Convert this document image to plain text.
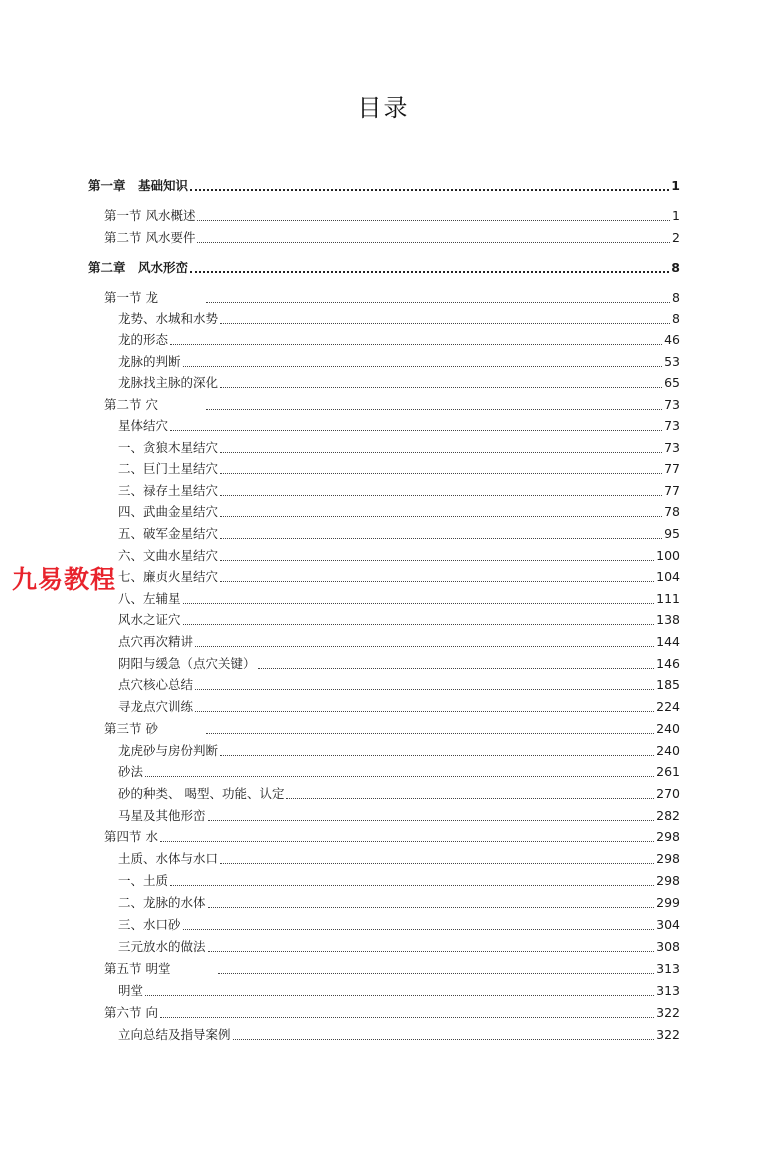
目录
第一章　基础知识	1
第一节 风水概述	1
第二节 风水要件	2
第二章　风水形峦	8
第一节 龙	8
龙势、水城和水势	8
龙的形态	46
龙脉的判断	53
龙脉找主脉的深化	65
第二节 穴	73
星体结穴	73
一、贪狼木星结穴	73
二、巨门土星结穴	77
三、禄存土星结穴	77
四、武曲金星结穴	78
五、破军金星结穴	95
六、文曲水星结穴	100
七、廉贞火星结穴	104
八、左辅星	111
风水之证穴	138
点穴再次精讲	144
阴阳与缓急（点穴关键）	146
点穴核心总结	185
寻龙点穴训练	224
第三节 砂	240
龙虎砂与房份判断	240
砂法	261
砂的种类、 喝型、功能、认定	270
马星及其他形峦	282
第四节 水	298
土质、水体与水口	298
一、土质	298
二、龙脉的水体	299
三、水口砂	304
三元放水的做法	308
第五节 明堂	313
明堂	313
第六节 向	322
立向总结及指导案例	322
九易教程
